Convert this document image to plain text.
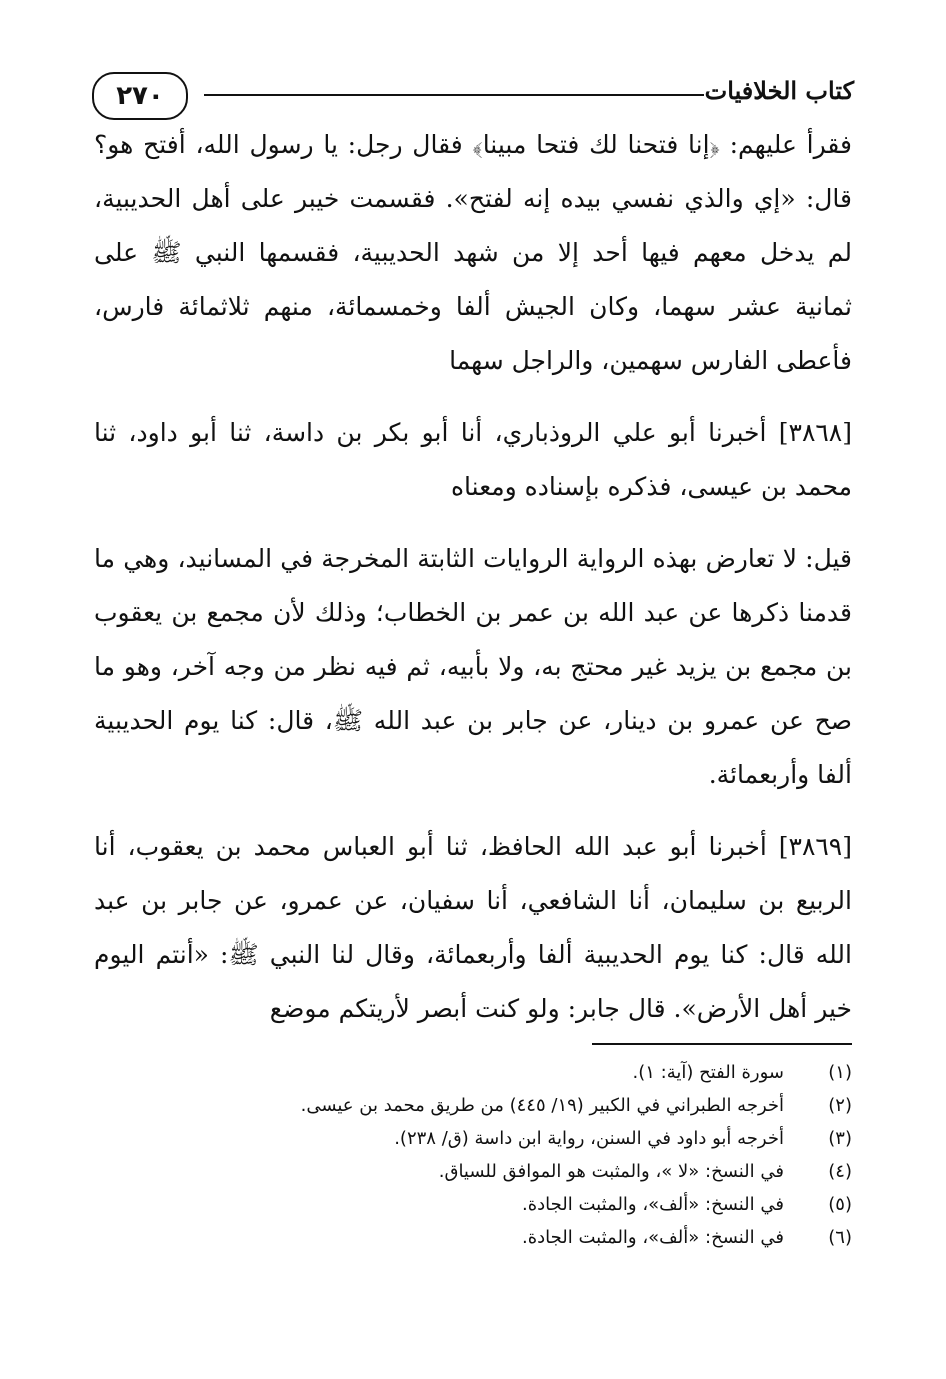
٢٧٠	كتاب الخلافيات

فقرأ عليهم: ﴿إنا فتحنا لك فتحا مبينا﴾ فقال رجل: يا رسول الله، أفتح هو؟ قال: «إي والذي نفسي بيده إنه لفتح». فقسمت خيبر على أهل الحديبية، لم يدخل معهم فيها أحد إلا من شهد الحديبية، فقسمها النبي ﷺ على ثمانية عشر سهما، وكان الجيش ألفا وخمسمائة، منهم ثلاثمائة فارس، فأعطى الفارس سهمين، والراجل سهما

[٣٨٦٨] أخبرنا أبو علي الروذباري، أنا أبو بكر بن داسة، ثنا أبو داود، ثنا محمد بن عيسى، فذكره بإسناده ومعناه

قيل: لا تعارض بهذه الرواية الروايات الثابتة المخرجة في المسانيد، وهي ما قدمنا ذكرها عن عبد الله بن عمر بن الخطاب؛ وذلك لأن مجمع بن يعقوب بن مجمع بن يزيد غير محتج به، ولا بأبيه، ثم فيه نظر من وجه آخر، وهو ما صح عن عمرو بن دينار، عن جابر بن عبد الله ﷺ، قال: كنا يوم الحديبية ألفا وأربعمائة.

[٣٨٦٩] أخبرنا أبو عبد الله الحافظ، ثنا أبو العباس محمد بن يعقوب، أنا الربيع بن سليمان، أنا الشافعي، أنا سفيان، عن عمرو، عن جابر بن عبد الله قال: كنا يوم الحديبية ألفا وأربعمائة، وقال لنا النبي ﷺ: «أنتم اليوم خير أهل الأرض». قال جابر: ولو كنت أبصر لأريتكم موضع

(١)
سورة الفتح (آية: ١).
(٢)
أخرجه الطبراني في الكبير (١٩/ ٤٤٥) من طريق محمد بن عيسى.
(٣)
أخرجه أبو داود في السنن، رواية ابن داسة (ق/ ٢٣٨).
(٤)
في النسخ: «لا »، والمثبت هو الموافق للسياق.
(٥)
في النسخ: «ألف»، والمثبت الجادة.
(٦)
في النسخ: «ألف»، والمثبت الجادة.
